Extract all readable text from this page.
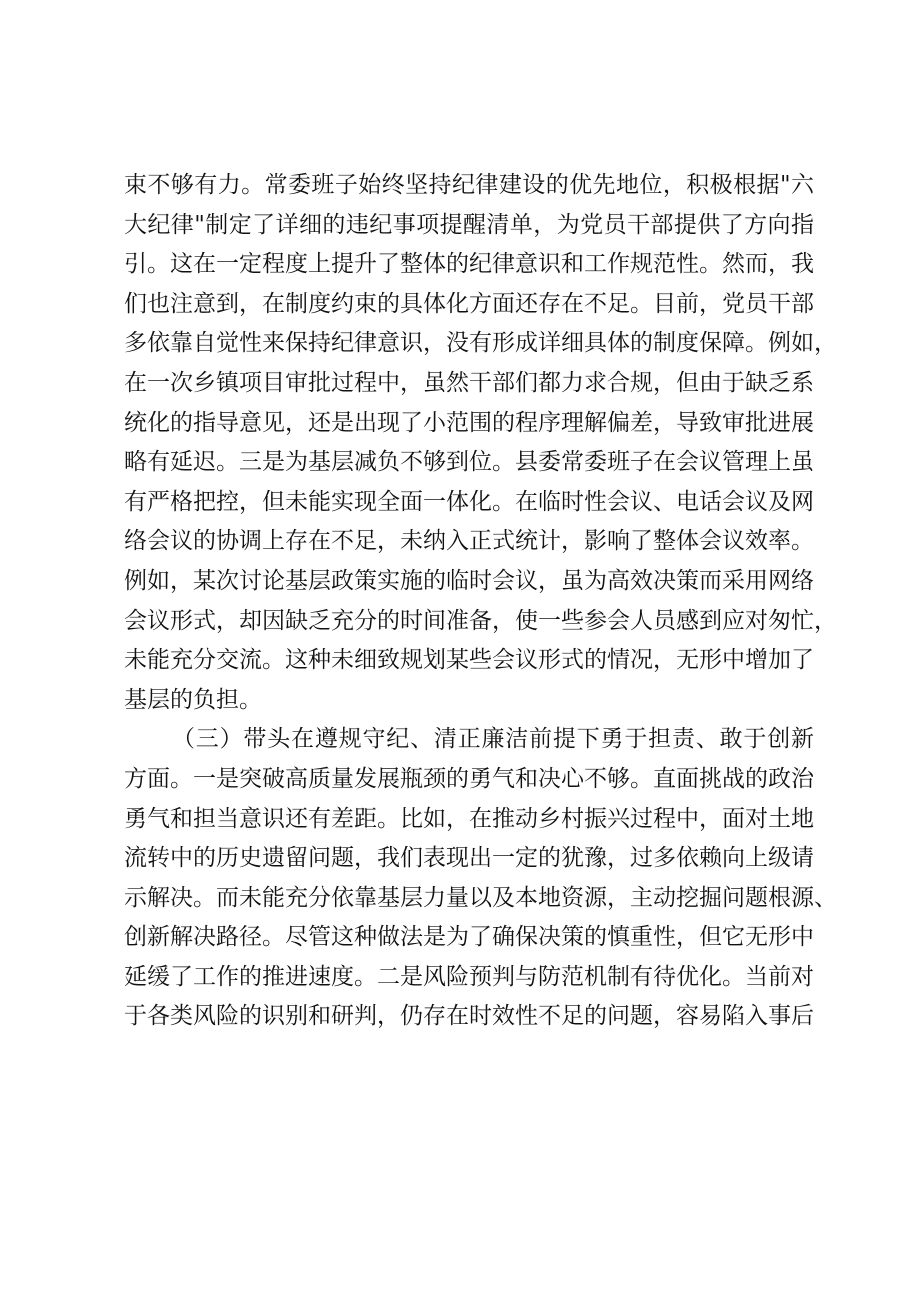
束不够有力。常委班子始终坚持纪律建设的优先地位，积极根据"六
大纪律"制定了详细的违纪事项提醒清单，为党员干部提供了方向指
引。这在一定程度上提升了整体的纪律意识和工作规范性。然而，我
们也注意到，在制度约束的具体化方面还存在不足。目前，党员干部
多依靠自觉性来保持纪律意识，没有形成详细具体的制度保障。例如，
在一次乡镇项目审批过程中，虽然干部们都力求合规，但由于缺乏系
统化的指导意见，还是出现了小范围的程序理解偏差，导致审批进展
略有延迟。三是为基层减负不够到位。县委常委班子在会议管理上虽
有严格把控，但未能实现全面一体化。在临时性会议、电话会议及网
络会议的协调上存在不足，未纳入正式统计，影响了整体会议效率。
例如，某次讨论基层政策实施的临时会议，虽为高效决策而采用网络
会议形式，却因缺乏充分的时间准备，使一些参会人员感到应对匆忙，
未能充分交流。这种未细致规划某些会议形式的情况，无形中增加了
基层的负担。
（三）带头在遵规守纪、清正廉洁前提下勇于担责、敢于创新
方面。一是突破高质量发展瓶颈的勇气和决心不够。直面挑战的政治
勇气和担当意识还有差距。比如，在推动乡村振兴过程中，面对土地
流转中的历史遗留问题，我们表现出一定的犹豫，过多依赖向上级请
示解决。而未能充分依靠基层力量以及本地资源，主动挖掘问题根源、
创新解决路径。尽管这种做法是为了确保决策的慎重性，但它无形中
延缓了工作的推进速度。二是风险预判与防范机制有待优化。当前对
于各类风险的识别和研判，仍存在时效性不足的问题，容易陷入事后
